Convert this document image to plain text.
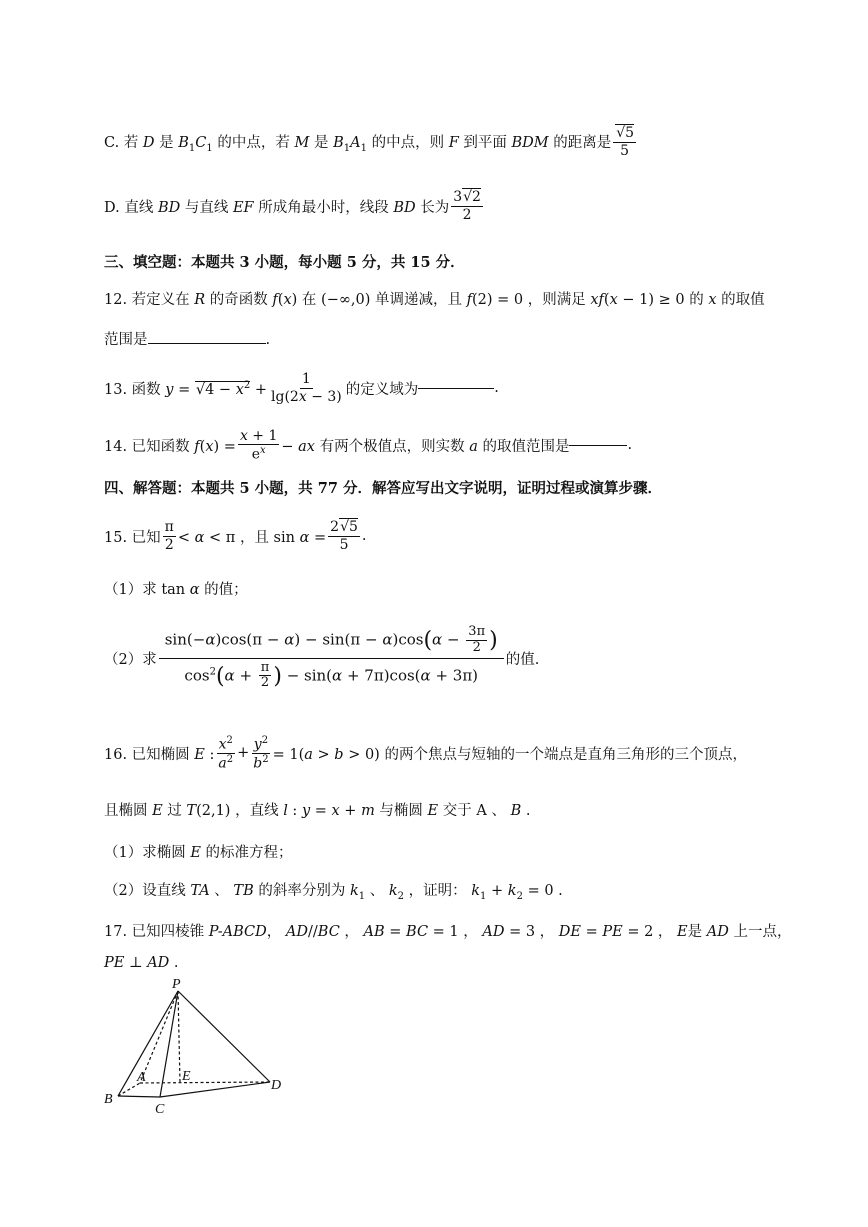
C. 若 D 是 $B_1C_1$ 的中点，若 M 是 $B_1A_1$ 的中点，则 F 到平面 BDM 的距离是 $\frac{√5}{5}$
D. 直线 BD 与直线 EF 所成角最小时，线段 BD 长为 $\frac{3√2}{2}$
三、填空题：本题共 3 小题，每小题 5 分，共 15 分．
12. 若定义在 R 的奇函数 f(x) 在 (−∞,0) 单调递减，且 f(2) = 0 ，则满足 xf(x − 1) ≥ 0 的 x 的取值
范围是	.
13. 函数 $y = √4 - x^2 + \frac{1}{\lg(2x - 3)}$ 的定义域为	.
14. 已知函数 $f(x) = \frac{x + 1}{e^x}$ − ax 有两个极值点，则实数 a 的取值范围是	.
四、解答题：本题共 5 小题，共 77 分．解答应写出文字说明，证明过程或演算步骤．
15. 已知 $\frac{\pi}{2} < \alpha < \pi$ ，且 $\sin \alpha = \frac{2√5}{5}$ .
（1）求 tan α 的值；
（2）求 $\frac{\sin(-\alpha)\cos(\pi - \alpha) - \sin(\pi - \alpha)\cos(\alpha - \frac{3\pi}{2} )}{\cos^2(\alpha + \frac{\pi}{2} ) - \sin(\alpha + 7\pi)\cos(\alpha + 3\pi)}$ 的值.
16. 已知椭圆 E : $\frac{x^2}{a^2} + \frac{y^2}{b^2} = 1(a > b > 0)$ 的两个焦点与短轴的一个端点是直角三角形的三个顶点，
且椭圆 E 过 T(2,1) ，直线 l : y = x + m 与椭圆 E 交于 A 、 B .
（1）求椭圆 E 的标准方程；
（2）设直线 TA 、 TB 的斜率分别为 $k_1$ 、 $k_2$ ，证明： $k_1 + k_2 = 0$ .
17. 已知四棱锥 P-ABCD， AD//BC ， AB = BC = 1 ， AD = 3 ， DE = PE = 2 ， E是 AD 上一点，
PE ⊥ AD .
P
A	E
D
B
C
